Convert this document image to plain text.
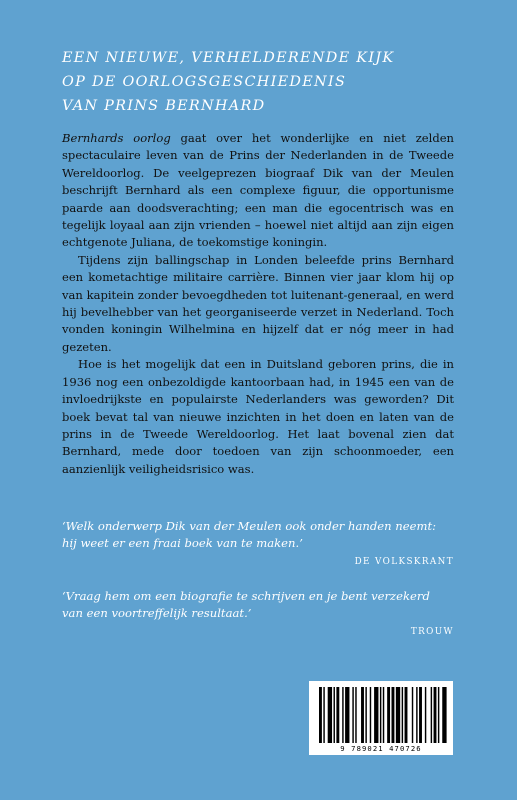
EEN NIEUWE, VERHELDERENDE KIJK
OP DE OORLOGSGESCHIEDENIS
VAN PRINS BERNHARD

Bernhards oorlog gaat over het wonderlijke en niet zelden spectaculaire leven van de Prins der Nederlanden in de Tweede Wereldoorlog. De veelgeprezen biograaf Dik van der Meulen beschrijft Bernhard als een complexe figuur, die opportunisme paarde aan doodsverachting; een man die egocentrisch was en tegelijk loyaal aan zijn vrienden – hoewel niet altijd aan zijn eigen echtgenote Juliana, de toekomstige koningin.

Tijdens zijn ballingschap in Londen beleefde prins Bernhard een kometachtige militaire carrière. Binnen vier jaar klom hij op van kapitein zonder bevoegdheden tot luitenant-generaal, en werd hij bevelhebber van het georganiseerde verzet in Nederland. Toch vonden koningin Wilhelmina en hijzelf dat er nóg meer in had gezeten.

Hoe is het mogelijk dat een in Duitsland geboren prins, die in 1936 nog een onbezoldigde kantoorbaan had, in 1945 een van de invloedrijkste en populairste Nederlanders was geworden? Dit boek bevat tal van nieuwe inzichten in het doen en laten van de prins in de Tweede Wereldoorlog. Het laat bovenal zien dat Bernhard, mede door toedoen van zijn schoonmoeder, een aanzienlijk veiligheidsrisico was.

‘Welk onderwerp Dik van der Meulen ook onder handen neemt: hij weet er een fraai boek van te maken.’
DE VOLKSKRANT
‘Vraag hem om een biografie te schrijven en je bent verzekerd van een voortreffelijk resultaat.’
TROUW
9 789021 470726
